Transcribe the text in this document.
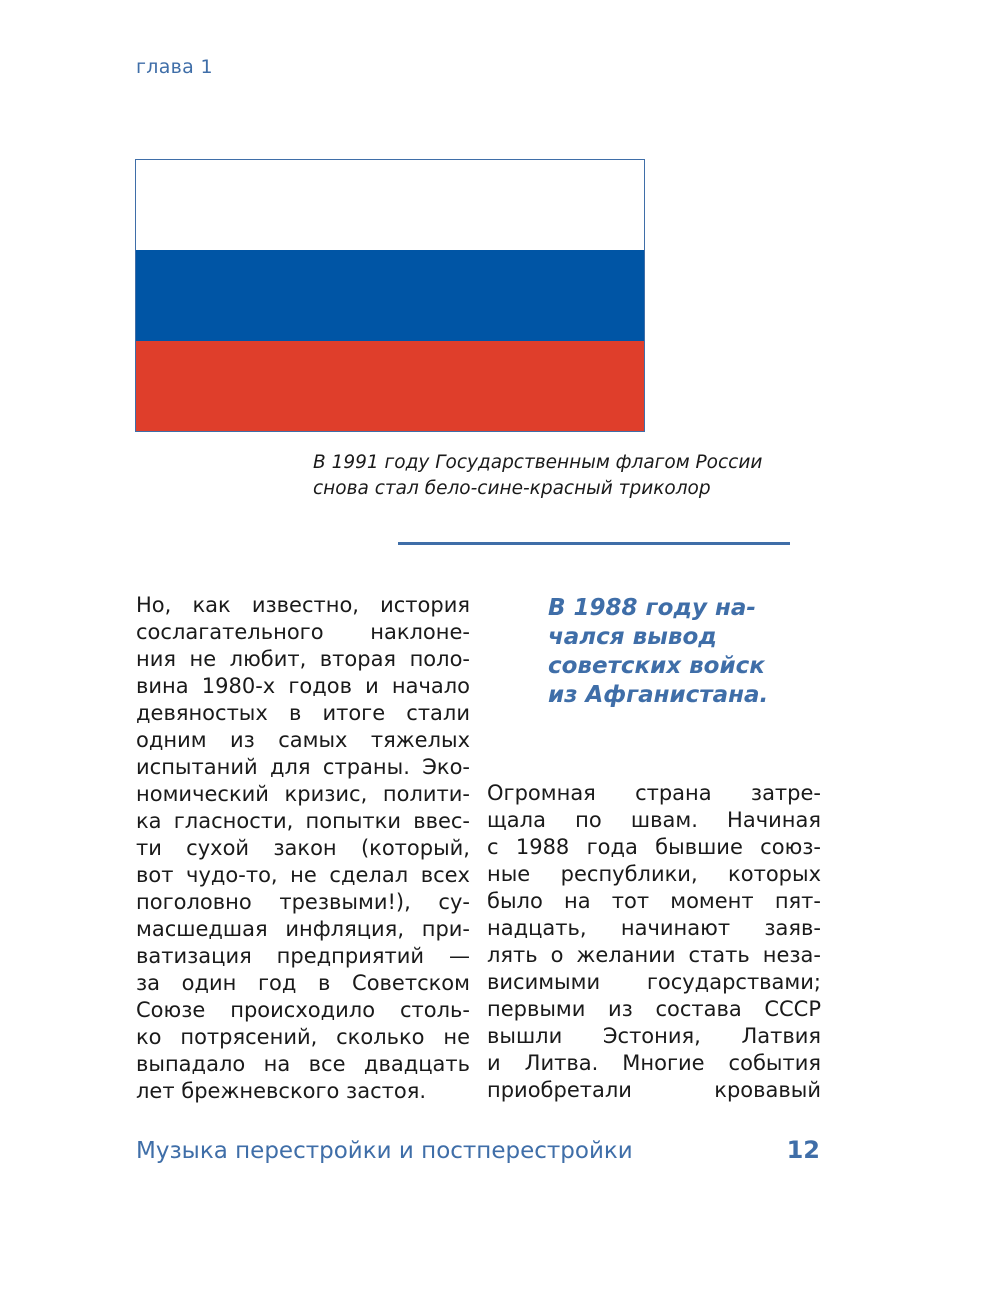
глава 1

В 1991 году Государственным флагом России
снова стал бело-сине-красный триколор

Но, как известно, история
сослагательного наклоне-
ния не любит, вторая поло-
вина 1980-х годов и начало
девяностых в итоге стали
одним из самых тяжелых
испытаний для страны. Эко-
номический кризис, полити-
ка гласности, попытки ввес-
ти сухой закон (который,
вот чудо-то, не сделал всех
поголовно трезвыми!), су-
масшедшая инфляция, при-
ватизация предприятий —
за один год в Советском
Союзе происходило столь-
ко потрясений, сколько не
выпадало на все двадцать
лет брежневского застоя.
В 1988 году на-
чался вывод
советских войск
из Афганистана.
Огромная страна затре-
щала по швам. Начиная
с 1988 года бывшие союз-
ные республики, которых
было на тот момент пят-
надцать, начинают заяв-
лять о желании стать неза-
висимыми государствами;
первыми из состава СССР
вышли Эстония, Латвия
и Литва. Многие события
приобретали кровавый
Музыка перестройки и постперестройки	12
